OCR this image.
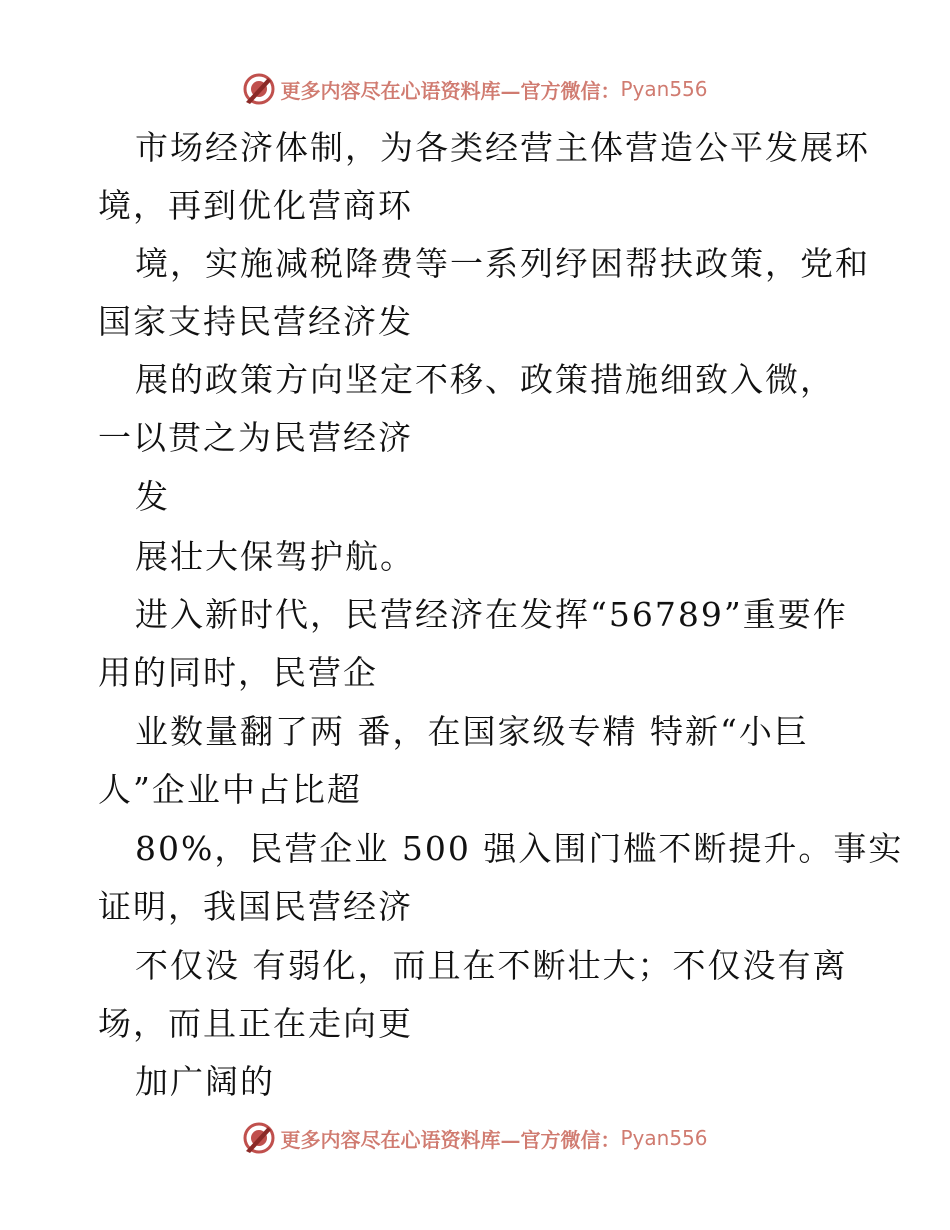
更多内容尽在心语资料库—官方微信： Pyan556
市场经济体制，为各类经营主体营造公平发展环
境，再到优化营商环
境，实施减税降费等一系列纾困帮扶政策，党和
国家支持民营经济发
展的政策方向坚定不移、政策措施细致入微，
一以贯之为民营经济
发
展壮大保驾护航。
进入新时代，民营经济在发挥“56789”重要作
用的同时，民营企
业数量翻了两 番，在国家级专精 特新“小巨
人”企业中占比超
80%，民营企业 500 强入围门槛不断提升。事实
证明，我国民营经济
不仅没 有弱化，而且在不断壮大；不仅没有离
场，而且正在走向更
加广阔的
更多内容尽在心语资料库—官方微信： Pyan556
